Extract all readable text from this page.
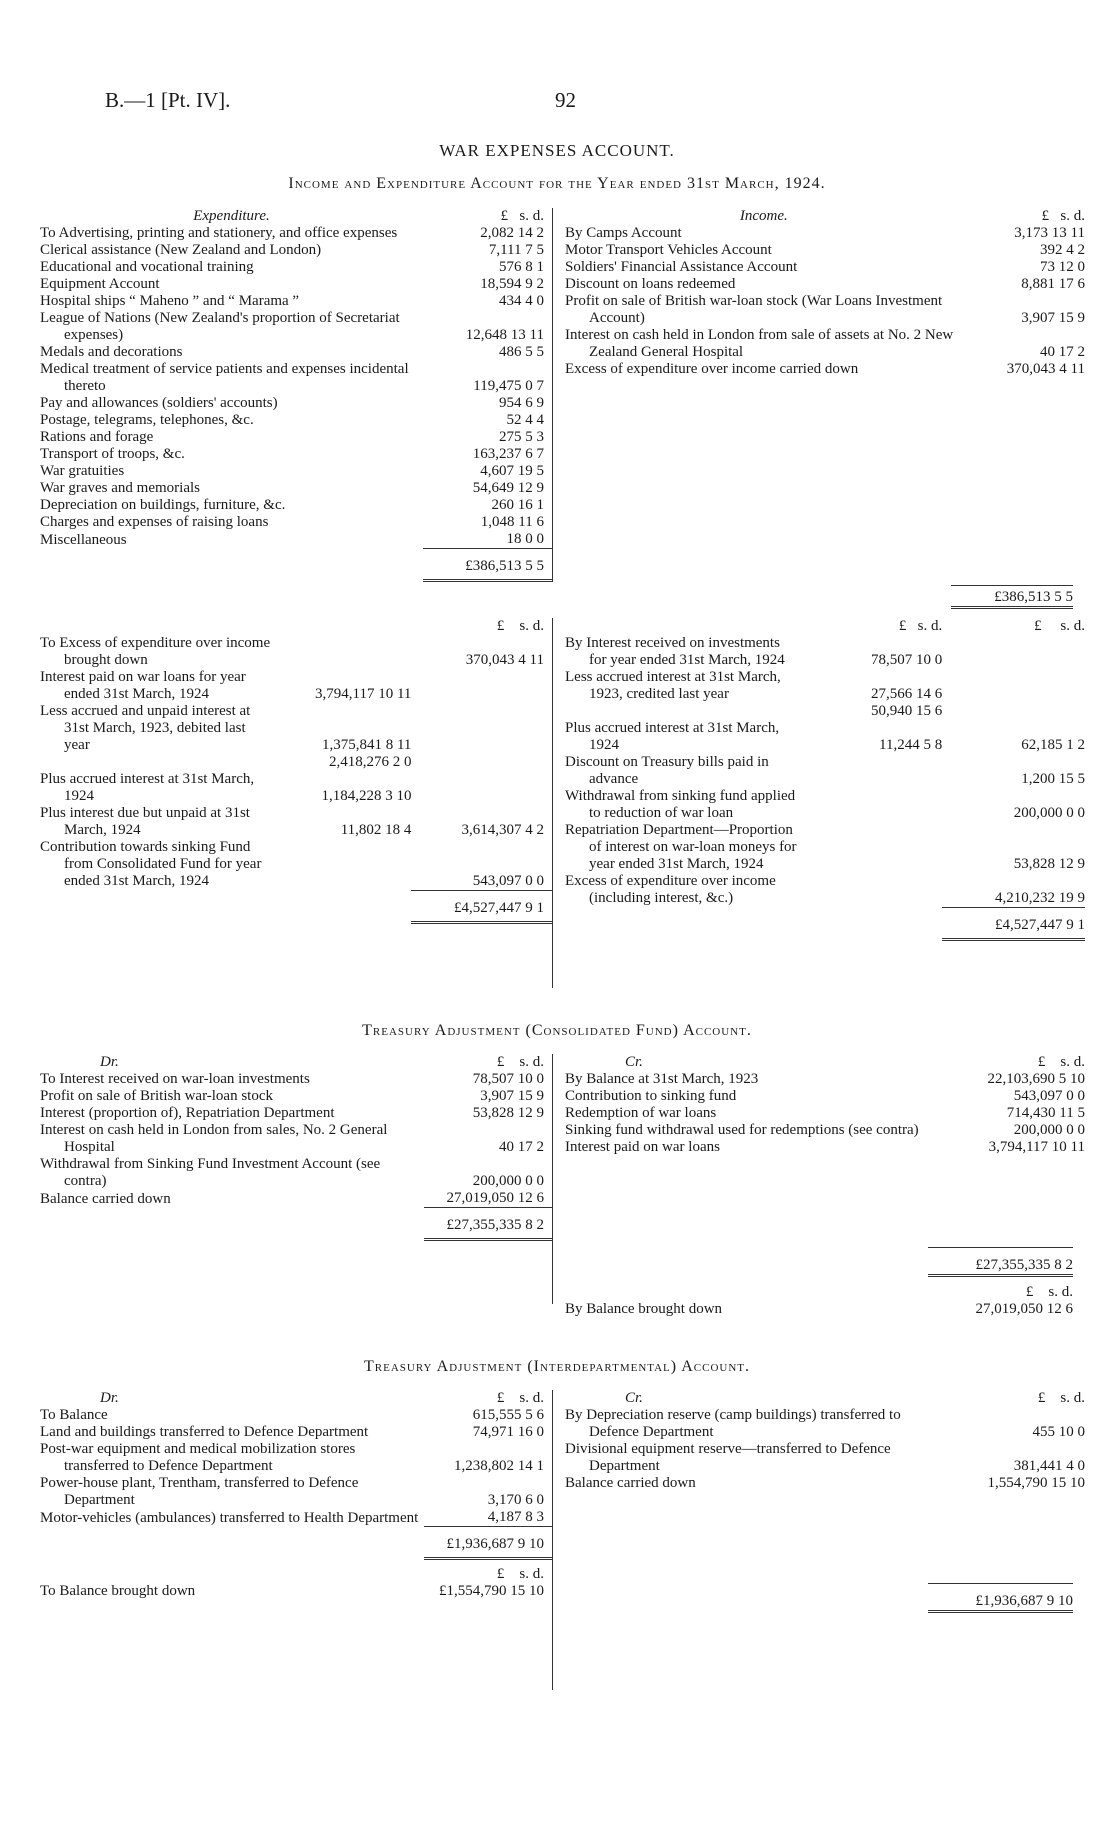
B.—1 [Pt. IV].	92
WAR EXPENSES ACCOUNT.
Income and Expenditure Account for the Year ended 31st March, 1924.
Expenditure.	£ s. d.
To Advertising, printing and stationery, and office expenses	2,082 14 2
Clerical assistance (New Zealand and London)	7,111 7 5
Educational and vocational training	576 8 1
Equipment Account	18,594 9 2
Hospital ships “ Maheno ” and “ Marama ”	434 4 0
League of Nations (New Zealand's proportion of Secretariat expenses)	12,648 13 11
Medals and decorations	486 5 5
Medical treatment of service patients and expenses incidental thereto	119,475 0 7
Pay and allowances (soldiers' accounts)	954 6 9
Postage, telegrams, telephones, &c.	52 4 4
Rations and forage	275 5 3
Transport of troops, &c.	163,237 6 7
War gratuities	4,607 19 5
War graves and memorials	54,649 12 9
Depreciation on buildings, furniture, &c.	260 16 1
Charges and expenses of raising loans	1,048 11 6
Miscellaneous	18 0 0
	£386,513 5 5
Income.	£ s. d.
By Camps Account	3,173 13 11
Motor Transport Vehicles Account	392 4 2
Soldiers' Financial Assistance Account	73 12 0
Discount on loans redeemed	8,881 17 6
Profit on sale of British war-loan stock (War Loans Investment Account)	3,907 15 9
Interest on cash held in London from sale of assets at No. 2 New Zealand General Hospital	40 17 2
Excess of expenditure over income carried down	370,043 4 11
£386,513 5 5
		£ s. d.
To Excess of expenditure over income brought down		370,043 4 11
Interest paid on war loans for year ended 31st March, 1924	3,794,117 10 11	
Less accrued and unpaid interest at 31st March, 1923, debited last year	1,375,841 8 11	
	2,418,276 2 0	
Plus accrued interest at 31st March, 1924	1,184,228 3 10	
Plus interest due but unpaid at 31st March, 1924	11,802 18 4	3,614,307 4 2
Contribution towards sinking Fund from Consolidated Fund for year ended 31st March, 1924		543,097 0 0
		£4,527,447 9 1
	£ s. d.	£ s. d.
By Interest received on investments for year ended 31st March, 1924	78,507 10 0	
Less accrued interest at 31st March, 1923, credited last year	27,566 14 6	
	50,940 15 6	
Plus accrued interest at 31st March, 1924	11,244 5 8	62,185 1 2
Discount on Treasury bills paid in advance		1,200 15 5
Withdrawal from sinking fund applied to reduction of war loan		200,000 0 0
Repatriation Department—Proportion of interest on war-loan moneys for year ended 31st March, 1924		53,828 12 9
Excess of expenditure over income (including interest, &c.)		4,210,232 19 9
		£4,527,447 9 1
Treasury Adjustment (Consolidated Fund) Account.
Dr.	£ s. d.
To Interest received on war-loan investments	78,507 10 0
Profit on sale of British war-loan stock	3,907 15 9
Interest (proportion of), Repatriation Department	53,828 12 9
Interest on cash held in London from sales, No. 2 General Hospital	40 17 2
Withdrawal from Sinking Fund Investment Account (see contra)	200,000 0 0
Balance carried down	27,019,050 12 6
	£27,355,335 8 2
Cr.	£ s. d.
By Balance at 31st March, 1923	22,103,690 5 10
Contribution to sinking fund	543,097 0 0
Redemption of war loans	714,430 11 5
Sinking fund withdrawal used for redemptions (see contra)	200,000 0 0
Interest paid on war loans	3,794,117 10 11
£27,355,335 8 2
£ s. d.
By Balance brought down	27,019,050 12 6
Treasury Adjustment (Interdepartmental) Account.
Dr.	£ s. d.
To Balance	615,555 5 6
Land and buildings transferred to Defence Department	74,971 16 0
Post-war equipment and medical mobilization stores transferred to Defence Department	1,238,802 14 1
Power-house plant, Trentham, transferred to Defence Department	3,170 6 0
Motor-vehicles (ambulances) transferred to Health Department	4,187 8 3
	£1,936,687 9 10
	£ s. d.
To Balance brought down	£1,554,790 15 10
Cr.	£ s. d.
By Depreciation reserve (camp buildings) transferred to Defence Department	455 10 0
Divisional equipment reserve—transferred to Defence Department	381,441 4 0
Balance carried down	1,554,790 15 10
£1,936,687 9 10
